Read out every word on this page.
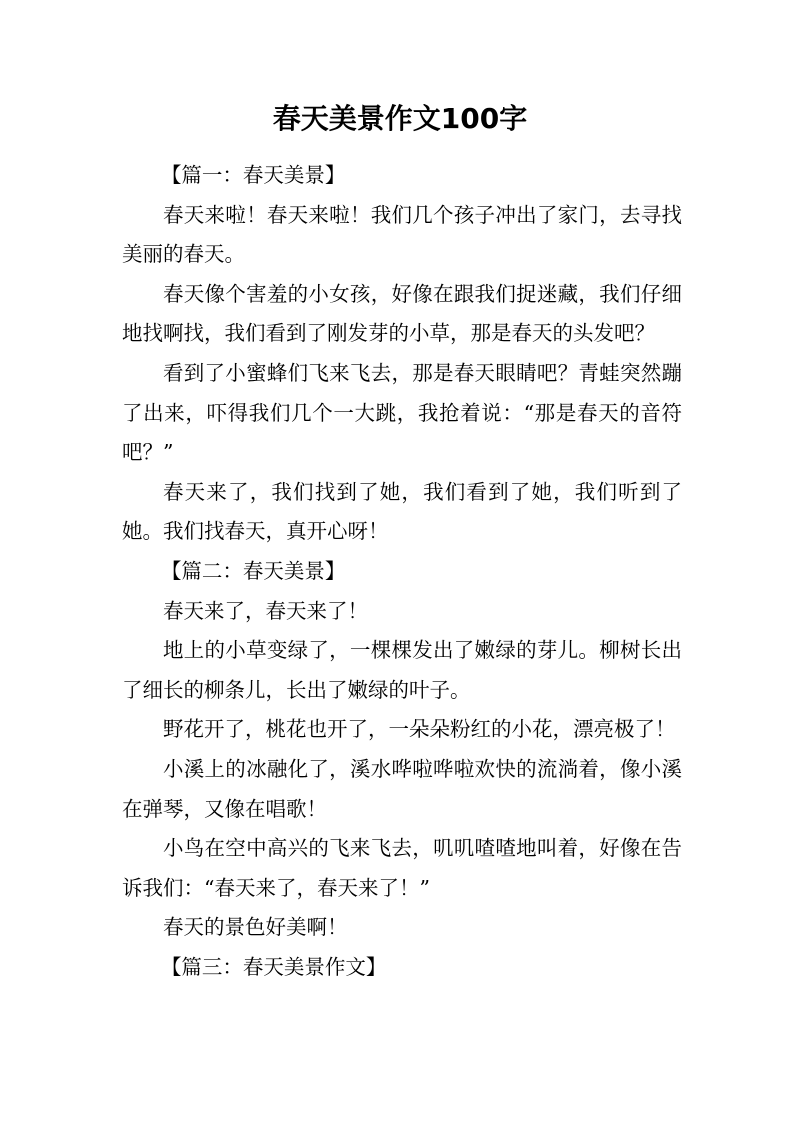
春天美景作文100字

【篇一：春天美景】

春天来啦！春天来啦！我们几个孩子冲出了家门，去寻找美丽的春天。

春天像个害羞的小女孩，好像在跟我们捉迷藏，我们仔细地找啊找，我们看到了刚发芽的小草，那是春天的头发吧？

看到了小蜜蜂们飞来飞去，那是春天眼睛吧？青蛙突然蹦了出来，吓得我们几个一大跳，我抢着说：“那是春天的音符吧？”

春天来了，我们找到了她，我们看到了她，我们听到了她。我们找春天，真开心呀！

【篇二：春天美景】

春天来了，春天来了！

地上的小草变绿了，一棵棵发出了嫩绿的芽儿。柳树长出了细长的柳条儿，长出了嫩绿的叶子。

野花开了，桃花也开了，一朵朵粉红的小花，漂亮极了！

小溪上的冰融化了，溪水哗啦哗啦欢快的流淌着，像小溪在弹琴，又像在唱歌！

小鸟在空中高兴的飞来飞去，叽叽喳喳地叫着，好像在告诉我们：“春天来了，春天来了！”

春天的景色好美啊！

【篇三：春天美景作文】
